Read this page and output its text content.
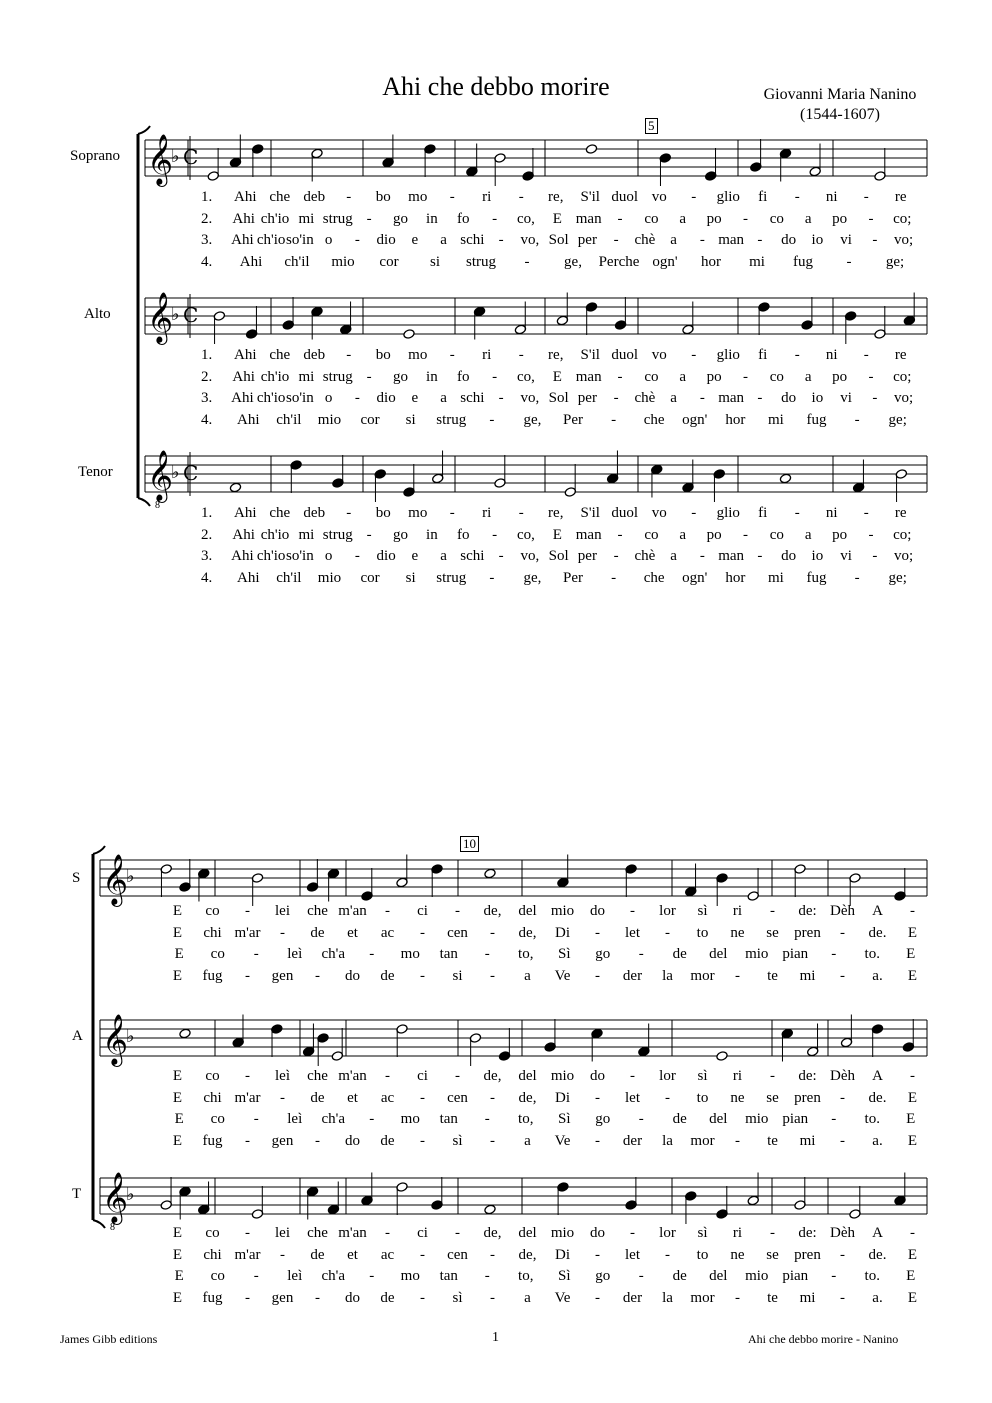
Ahi che debbo morire	Giovanni Maria Nanino
(1544-1607)
Soprano
Alto
Tenor
S
A
T
5
10
𝄞
♭ C
𝄞
♭ C
𝄞
8
♭ C
𝄞
♭
𝄞
♭
𝄞
8
♭
1. Ahi che deb - bo mo - ri - re, S'il duol vo - glio fi - ni - re
2. Ahi ch'io mi strug - go in fo - co, E man - co a po - co a po - co;
3. Ahi ch'io so'in o - dio e a schi - vo, Sol per - chè a - man - do io vi - vo;
4. Ahi ch'il mio cor si strug - ge, Perche ogn' hor mi fug - ge;
1. Ahi che deb - bo mo - ri - re, S'il duol vo - glio fi - ni - re
2. Ahi ch'io mi strug - go in fo - co, E man - co a po - co a po - co;
3. Ahi ch'io so'in o - dio e a schi - vo, Sol per - chè a - man - do io vi - vo;
4. Ahi ch'il mio cor si strug - ge, Per - che ogn' hor mi fug - ge;
1. Ahi che deb - bo mo - ri - re, S'il duol vo - glio fi - ni - re
2. Ahi ch'io mi strug - go in fo - co, E man - co a po - co a po - co;
3. Ahi ch'io so'in o - dio e a schi - vo, Sol per - chè a - man - do io vi - vo;
4. Ahi ch'il mio cor si strug - ge, Per - che ogn' hor mi fug - ge;
E co - lei che m'an - ci - de, del mio do - lor sì ri - de: Dèh A -
E chi m'ar - de et ac - cen - de, Di - let - to ne se pren - de. E
E co - leì ch'a - mo tan - to, Sì go - de del mio pian - to. E
E fug - gen - do de - si - a Ve - der la mor - te mi - a. E
E co - leì che m'an - ci - de, del mio do - lor sì ri - de: Dèh A -
E chi m'ar - de et ac - cen - de, Di - let - to ne se pren - de. E
E co - leì ch'a - mo tan - to, Sì go - de del mio pian - to. E
E fug - gen - do de - sì - a Ve - der la mor - te mi - a. E
E co - lei che m'an - ci - de, del mio do - lor sì ri - de: Dèh A -
E chi m'ar - de et ac - cen - de, Di - let - to ne se pren - de. E
E co - leì ch'a - mo tan - to, Sì go - de del mio pian - to. E
E fug - gen - do de - sì - a Ve - der la mor - te mi - a. E
James Gibb editions	1	Ahi che debbo morire - Nanino
